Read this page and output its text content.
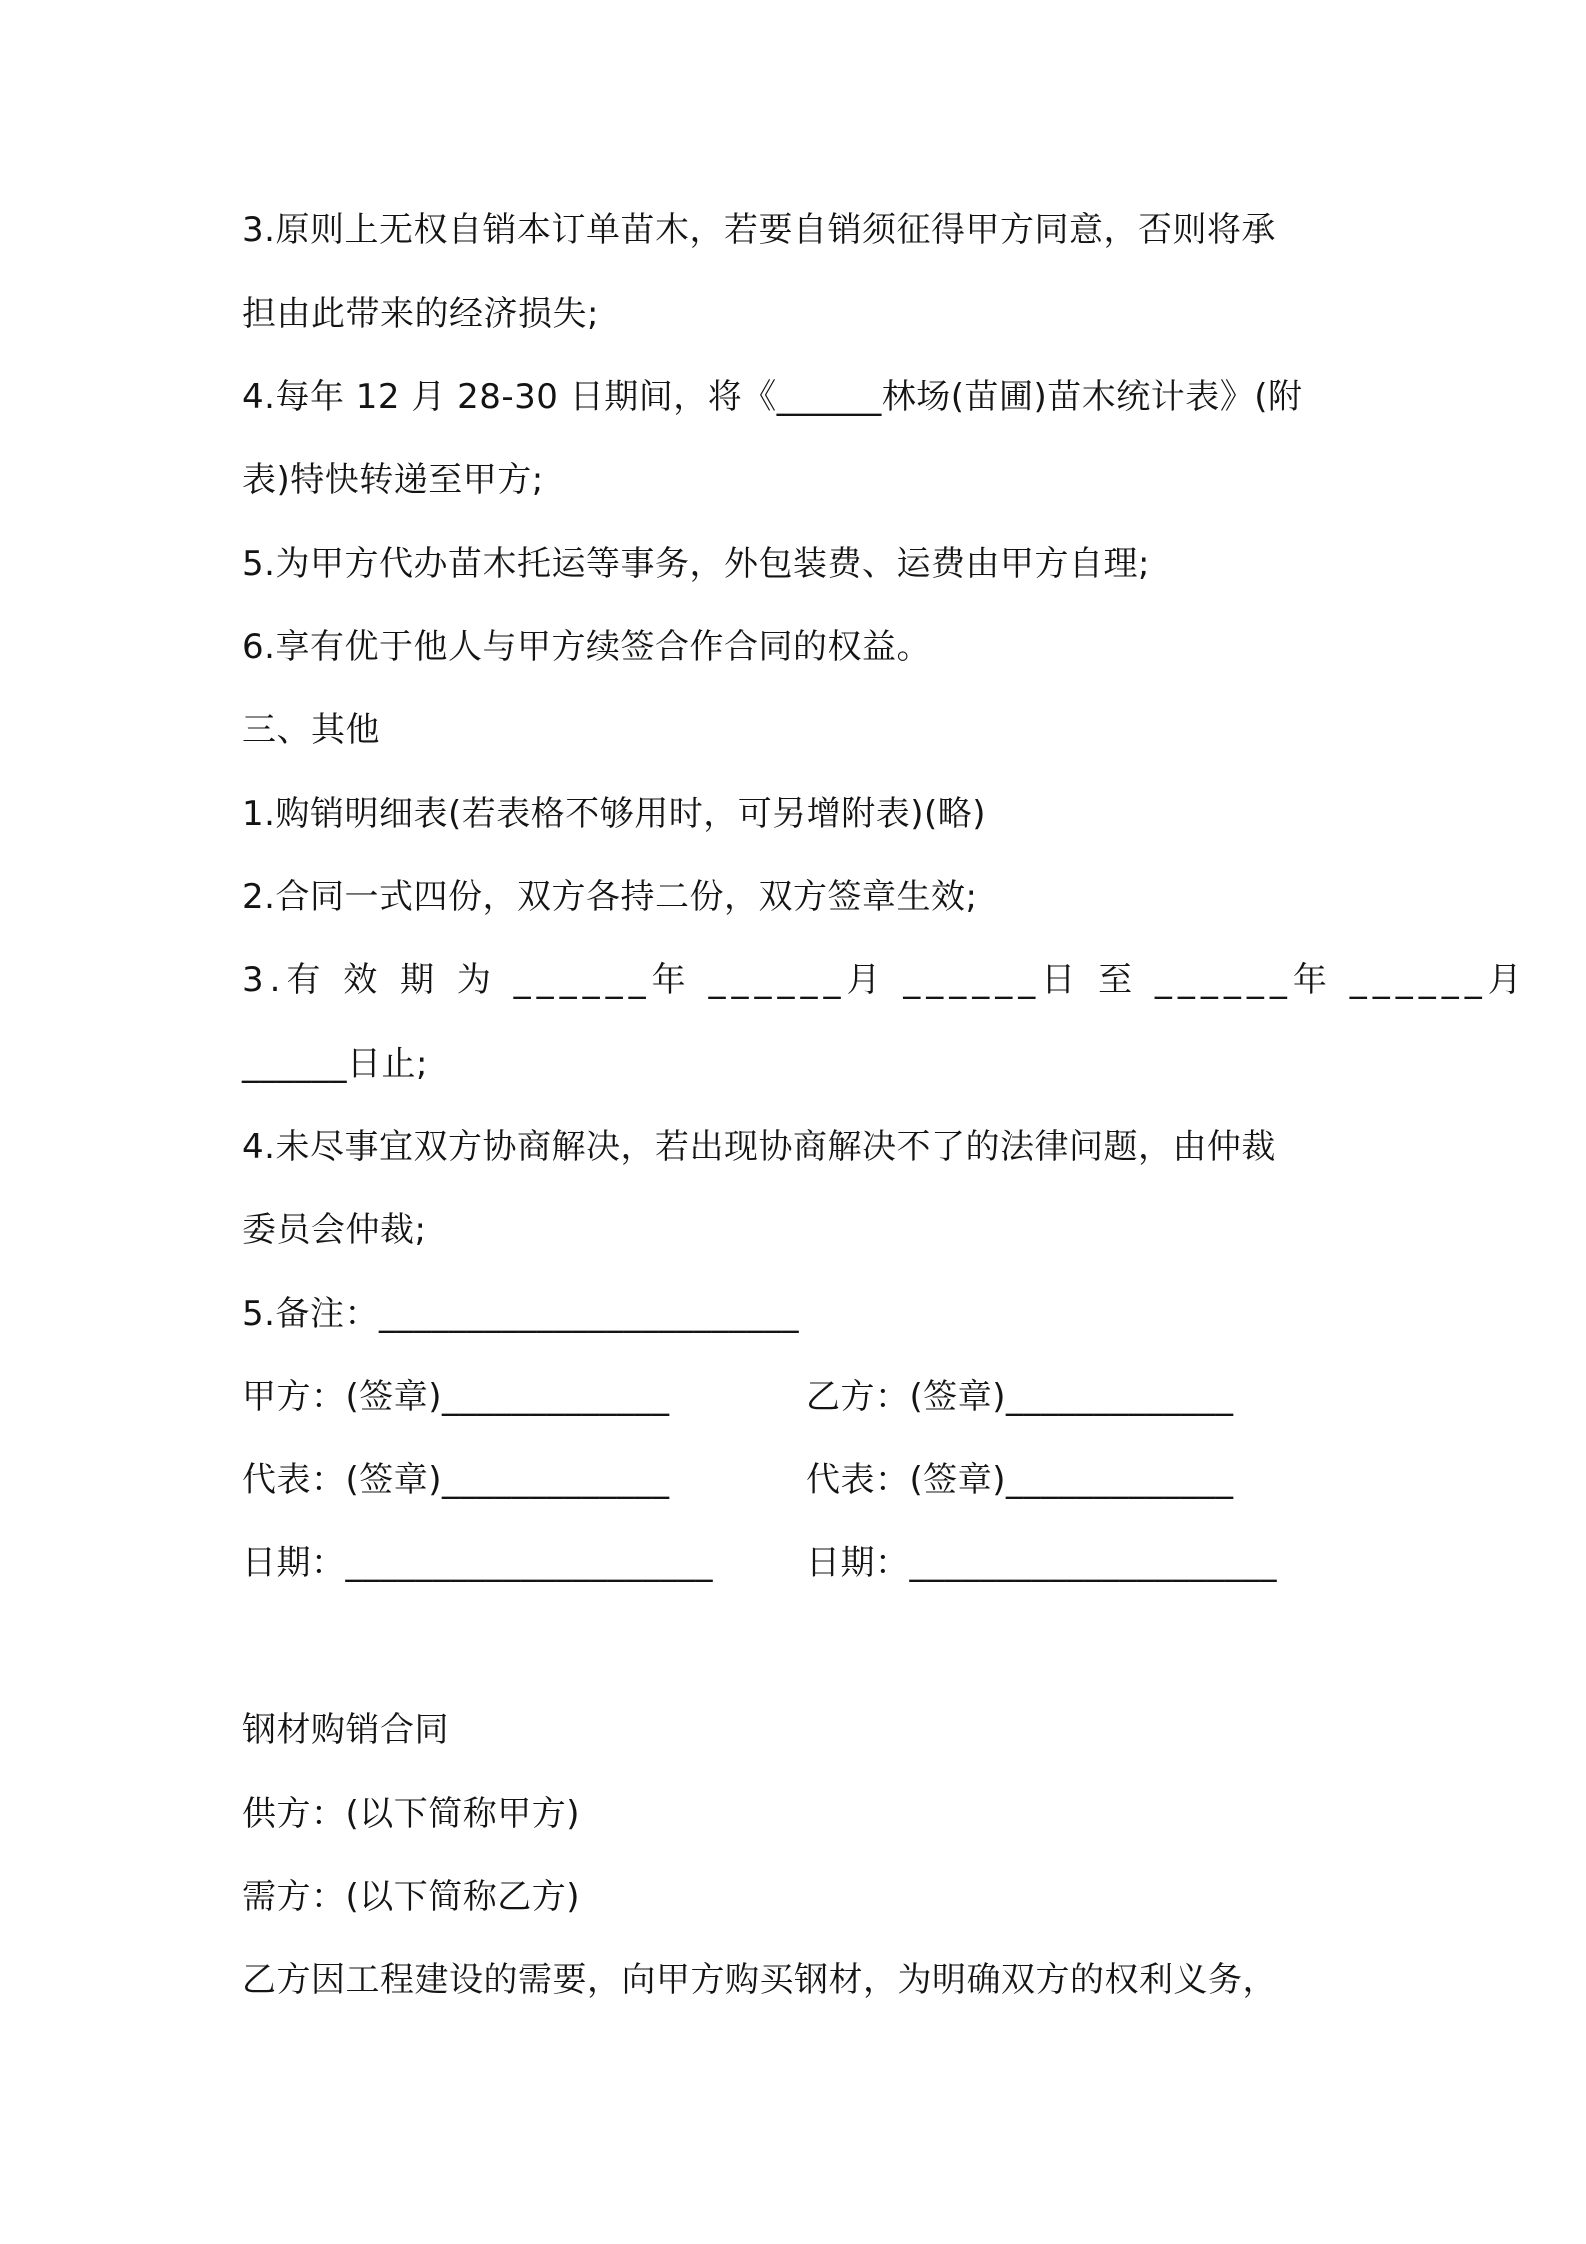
3.原则上无权自销本订单苗木，若要自销须征得甲方同意，否则将承
担由此带来的经济损失;
4.每年 12 月 28-30 日期间，将《______林场(苗圃)苗木统计表》(附
表)特快转递至甲方;
5.为甲方代办苗木托运等事务，外包装费、运费由甲方自理;
6.享有优于他人与甲方续签合作合同的权益。
三、其他
1.购销明细表(若表格不够用时，可另增附表)(略)
2.合同一式四份，双方各持二份，双方签章生效;
3.有 效 期 为 ______年 ______月 ______日 至 ______年 ______月
______日止;
4.未尽事宜双方协商解决，若出现协商解决不了的法律问题，由仲裁
委员会仲裁;
5.备注：________________________
甲方：(签章)_____________	乙方：(签章)_____________
代表：(签章)_____________	代表：(签章)_____________
日期：_____________________	日期：_____________________
钢材购销合同
供方：(以下简称甲方)
需方：(以下简称乙方)
乙方因工程建设的需要，向甲方购买钢材，为明确双方的权利义务，
